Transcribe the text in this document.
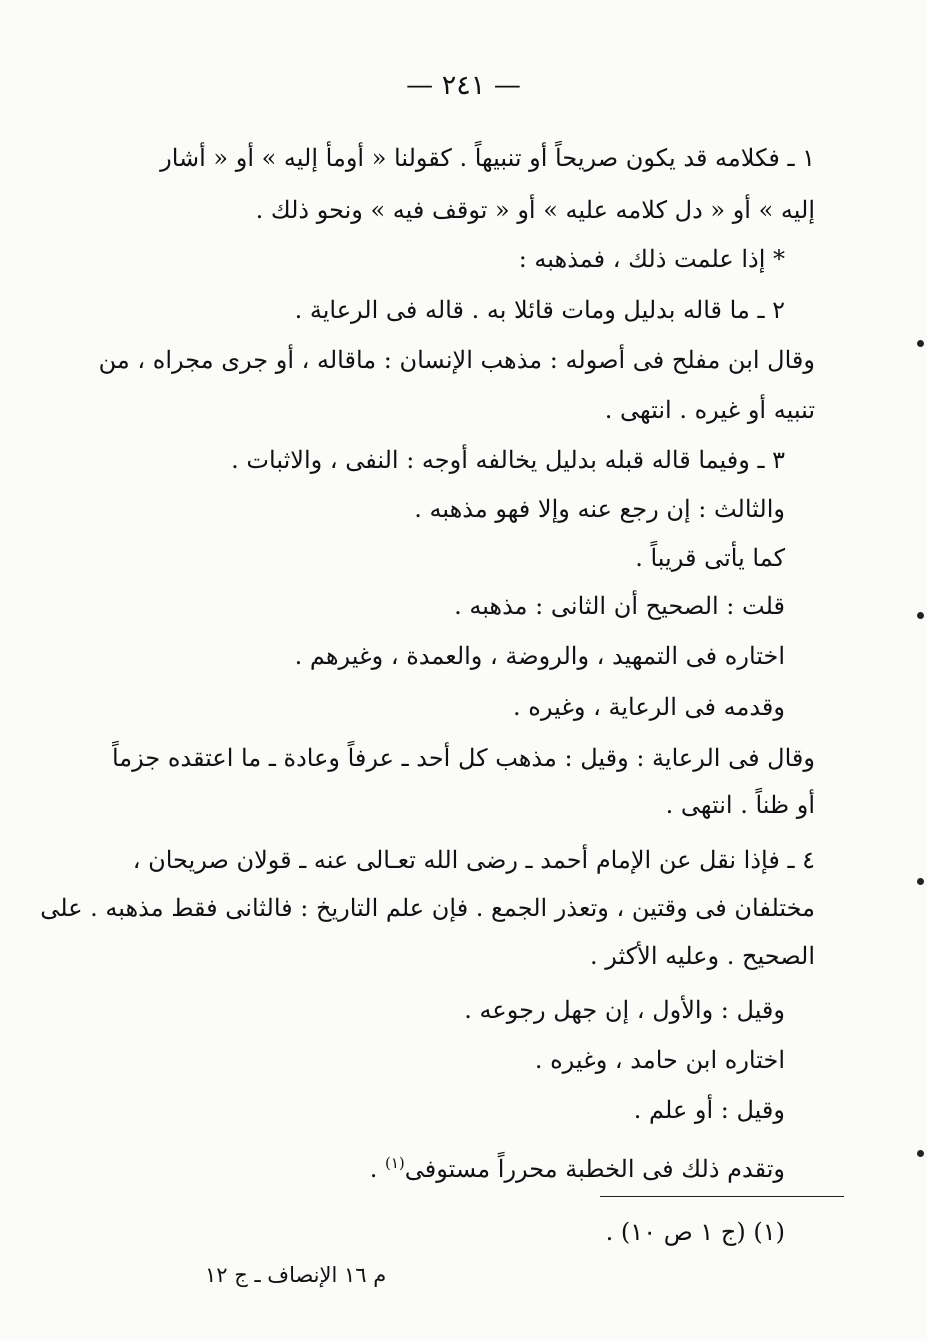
— ٢٤١ —
١ ـ فكلامه قد يكون صريحاً أو تنبيهاً . كقولنا « أومأ إليه » أو « أشار
إليه » أو « دل كلامه عليه » أو « توقف فيه » ونحو ذلك .
* إذا علمت ذلك ، فمذهبه :
٢ ـ ما قاله بدليل ومات قائلا به . قاله فى الرعاية .
وقال ابن مفلح فى أصوله : مذهب الإنسان : ماقاله ، أو جرى مجراه ، من
تنبيه أو غيره . انتهى .
٣ ـ وفيما قاله قبله بدليل يخالفه أوجه : النفى ، والاثبات .
والثالث : إن رجع عنه وإلا فهو مذهبه .
كما يأتى قريباً .
قلت : الصحيح أن الثانى : مذهبه .
اختاره فى التمهيد ، والروضة ، والعمدة ، وغيرهم .
وقدمه فى الرعاية ، وغيره .
وقال فى الرعاية : وقيل : مذهب كل أحد ـ عرفاً وعادة ـ ما اعتقده جزماً
أو ظناً . انتهى .
٤ ـ فإذا نقل عن الإمام أحمد ـ رضى الله تعـالى عنه ـ قولان صريحان ،
مختلفان فى وقتين ، وتعذر الجمع . فإن علم التاريخ : فالثانى فقط مذهبه . على
الصحيح . وعليه الأكثر .
وقيل : والأول ، إن جهل رجوعه .
اختاره ابن حامد ، وغيره .
وقيل : أو علم .
وتقدم ذلك فى الخطبة محرراً مستوفى$^{(١)}$ .
(١) (ج ١ ص ١٠) .
م ١٦ الإنصاف ـ ج ١٢
